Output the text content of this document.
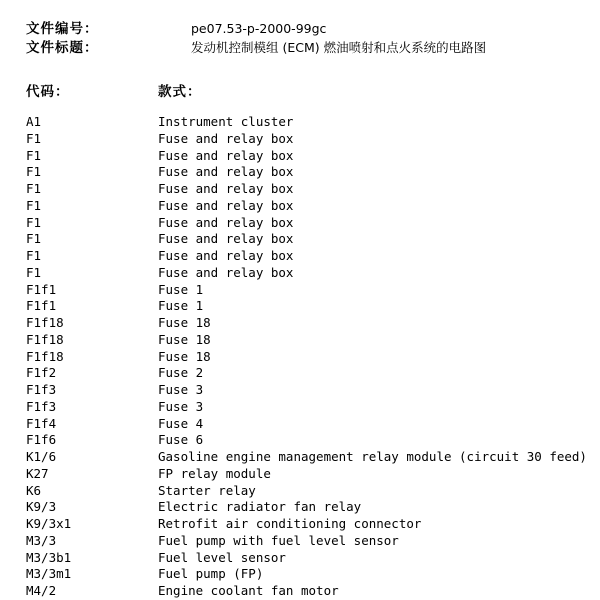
文件编号：	pe07.53-p-2000-99gc
文件标题：	发动机控制模组 (ECM) 燃油喷射和点火系统的电路图
代码：	款式：
A1	Instrument cluster
F1	Fuse and relay box
F1	Fuse and relay box
F1	Fuse and relay box
F1	Fuse and relay box
F1	Fuse and relay box
F1	Fuse and relay box
F1	Fuse and relay box
F1	Fuse and relay box
F1	Fuse and relay box
F1f1	Fuse 1
F1f1	Fuse 1
F1f18	Fuse 18
F1f18	Fuse 18
F1f18	Fuse 18
F1f2	Fuse 2
F1f3	Fuse 3
F1f3	Fuse 3
F1f4	Fuse 4
F1f6	Fuse 6
K1/6	Gasoline engine management relay module (circuit 30 feed)
K27	FP relay module
K6	Starter relay
K9/3	Electric radiator fan relay
K9/3x1	Retrofit air conditioning connector
M3/3	Fuel pump with fuel level sensor
M3/3b1	Fuel level sensor
M3/3m1	Fuel pump (FP)
M4/2	Engine coolant fan motor
